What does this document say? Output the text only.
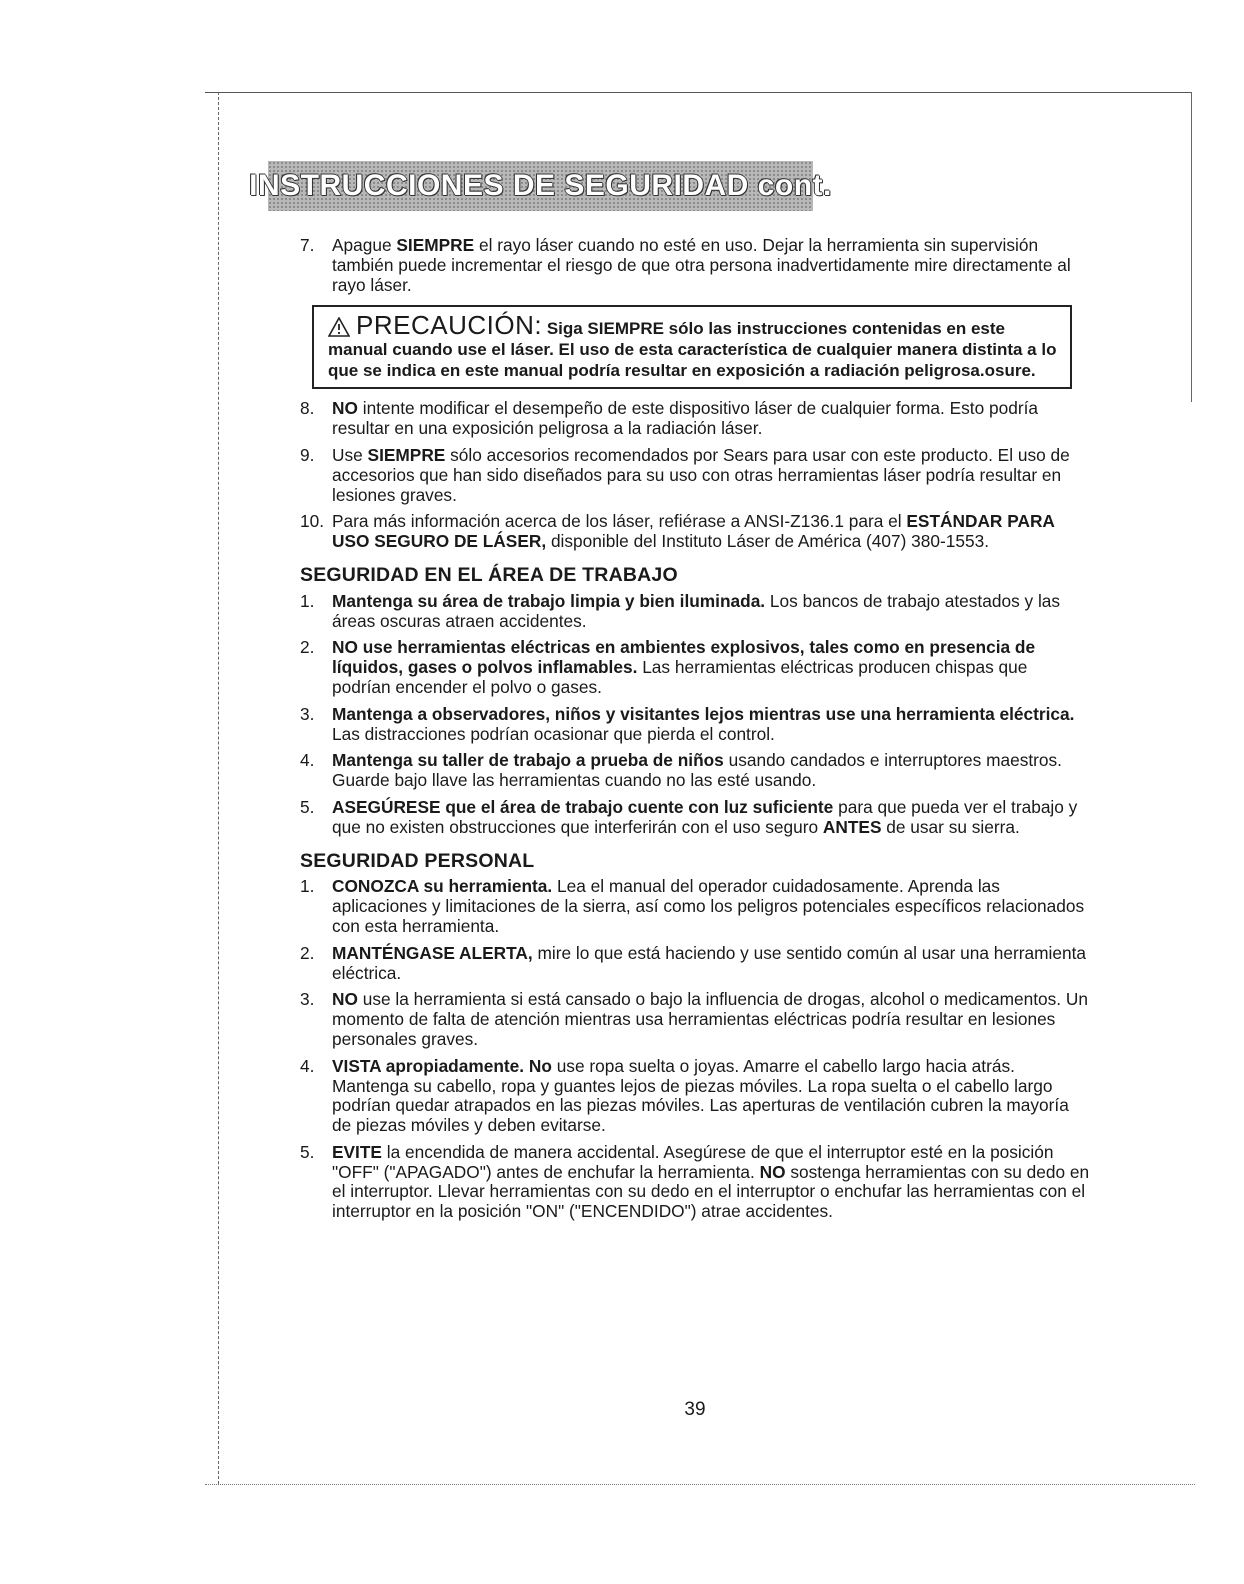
INSTRUCCIONES DE SEGURIDAD cont.
7.	Apague SIEMPRE el rayo láser cuando no esté en uso. Dejar la herramienta sin supervisión también puede incrementar el riesgo de que otra persona inadvertidamente mire directamente al rayo láser.
PRECAUCIÓN: Siga SIEMPRE sólo las instrucciones contenidas en este manual cuando use el láser. El uso de esta característica de cualquier manera distinta a lo que se indica en este manual podría resultar en exposición a radiación peligrosa.osure.
8.	NO intente modificar el desempeño de este dispositivo láser de cualquier forma. Esto podría resultar en una exposición peligrosa a la radiación láser.
9.	Use SIEMPRE sólo accesorios recomendados por Sears para usar con este producto. El uso de accesorios que han sido diseñados para su uso con otras herramientas láser podría resultar en lesiones graves.
10. Para más información acerca de los láser, refiérase a ANSI-Z136.1 para el ESTÁNDAR PARA USO SEGURO DE LÁSER, disponible del Instituto Láser de América (407) 380-1553.
SEGURIDAD EN EL ÁREA DE TRABAJO
1.	Mantenga su área de trabajo limpia y bien iluminada. Los bancos de trabajo atestados y las áreas oscuras atraen accidentes.
2.	NO use herramientas eléctricas en ambientes explosivos, tales como en presencia de líquidos, gases o polvos inflamables. Las herramientas eléctricas producen chispas que podrían encender el polvo o gases.
3.	Mantenga a observadores, niños y visitantes lejos mientras use una herramienta eléctrica. Las distracciones podrían ocasionar que pierda el control.
4.	Mantenga su taller de trabajo a prueba de niños usando candados e interruptores maestros. Guarde bajo llave las herramientas cuando no las esté usando.
5.	ASEGÚRESE que el área de trabajo cuente con luz suficiente para que pueda ver el trabajo y que no existen obstrucciones que interferirán con el uso seguro ANTES de usar su sierra.
SEGURIDAD PERSONAL
1.	CONOZCA su herramienta. Lea el manual del operador cuidadosamente. Aprenda las aplicaciones y limitaciones de la sierra, así como los peligros potenciales específicos relacionados con esta herramienta.
2.	MANTÉNGASE ALERTA, mire lo que está haciendo y use sentido común al usar una herramienta eléctrica.
3.	NO use la herramienta si está cansado o bajo la influencia de drogas, alcohol o medicamentos. Un momento de falta de atención mientras usa herramientas eléctricas podría resultar en lesiones personales graves.
4.	VISTA apropiadamente. No use ropa suelta o joyas. Amarre el cabello largo hacia atrás. Mantenga su cabello, ropa y guantes lejos de piezas móviles. La ropa suelta o el cabello largo podrían quedar atrapados en las piezas móviles. Las aperturas de ventilación cubren la mayoría de piezas móviles y deben evitarse.
5.	EVITE la encendida de manera accidental. Asegúrese de que el interruptor esté en la posición "OFF" ("APAGADO") antes de enchufar la herramienta. NO sostenga herramientas con su dedo en el interruptor. Llevar herramientas con su dedo en el interruptor o enchufar las herramientas con el interruptor en la posición "ON" ("ENCENDIDO") atrae accidentes.
39
